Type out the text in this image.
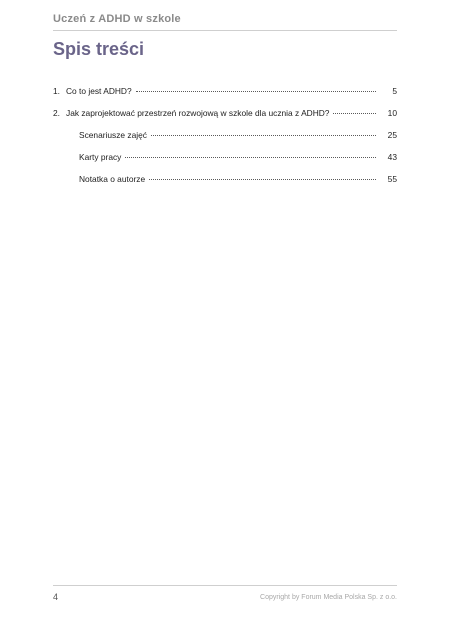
Uczeń z ADHD w szkole
Spis treści
1. Co to jest ADHD?	5
2. Jak zaprojektować przestrzeń rozwojową w szkole dla ucznia z ADHD?	10
Scenariusze zajęć	25
Karty pracy	43
Notatka o autorze	55
4	Copyright by Forum Media Polska Sp. z o.o.
